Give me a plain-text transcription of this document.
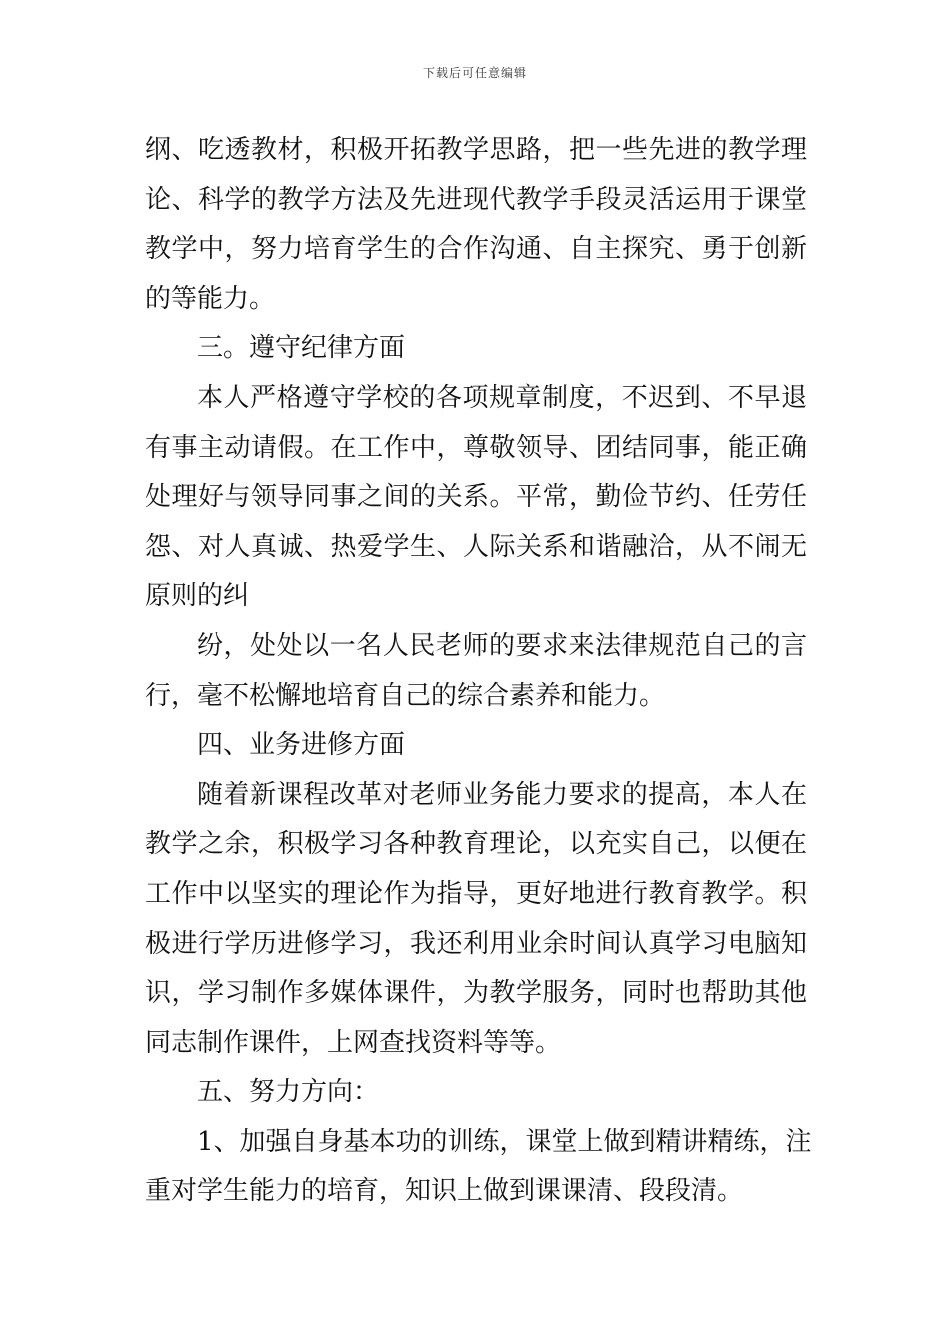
下载后可任意编辑
纲、吃透教材，积极开拓教学思路，把一些先进的教学理
论、科学的教学方法及先进现代教学手段灵活运用于课堂
教学中，努力培育学生的合作沟通、自主探究、勇于创新
的等能力。
三。遵守纪律方面
本人严格遵守学校的各项规章制度，不迟到、不早退
有事主动请假。在工作中，尊敬领导、团结同事，能正确
处理好与领导同事之间的关系。平常，勤俭节约、任劳任
怨、对人真诚、热爱学生、人际关系和谐融洽，从不闹无
原则的纠
纷，处处以一名人民老师的要求来法律规范自己的言
行，毫不松懈地培育自己的综合素养和能力。
四、业务进修方面
随着新课程改革对老师业务能力要求的提高，本人在
教学之余，积极学习各种教育理论，以充实自己，以便在
工作中以坚实的理论作为指导，更好地进行教育教学。积
极进行学历进修学习，我还利用业余时间认真学习电脑知
识，学习制作多媒体课件，为教学服务，同时也帮助其他
同志制作课件，上网查找资料等等。
五、努力方向：
1、加强自身基本功的训练，课堂上做到精讲精练，注
重对学生能力的培育，知识上做到课课清、段段清。
